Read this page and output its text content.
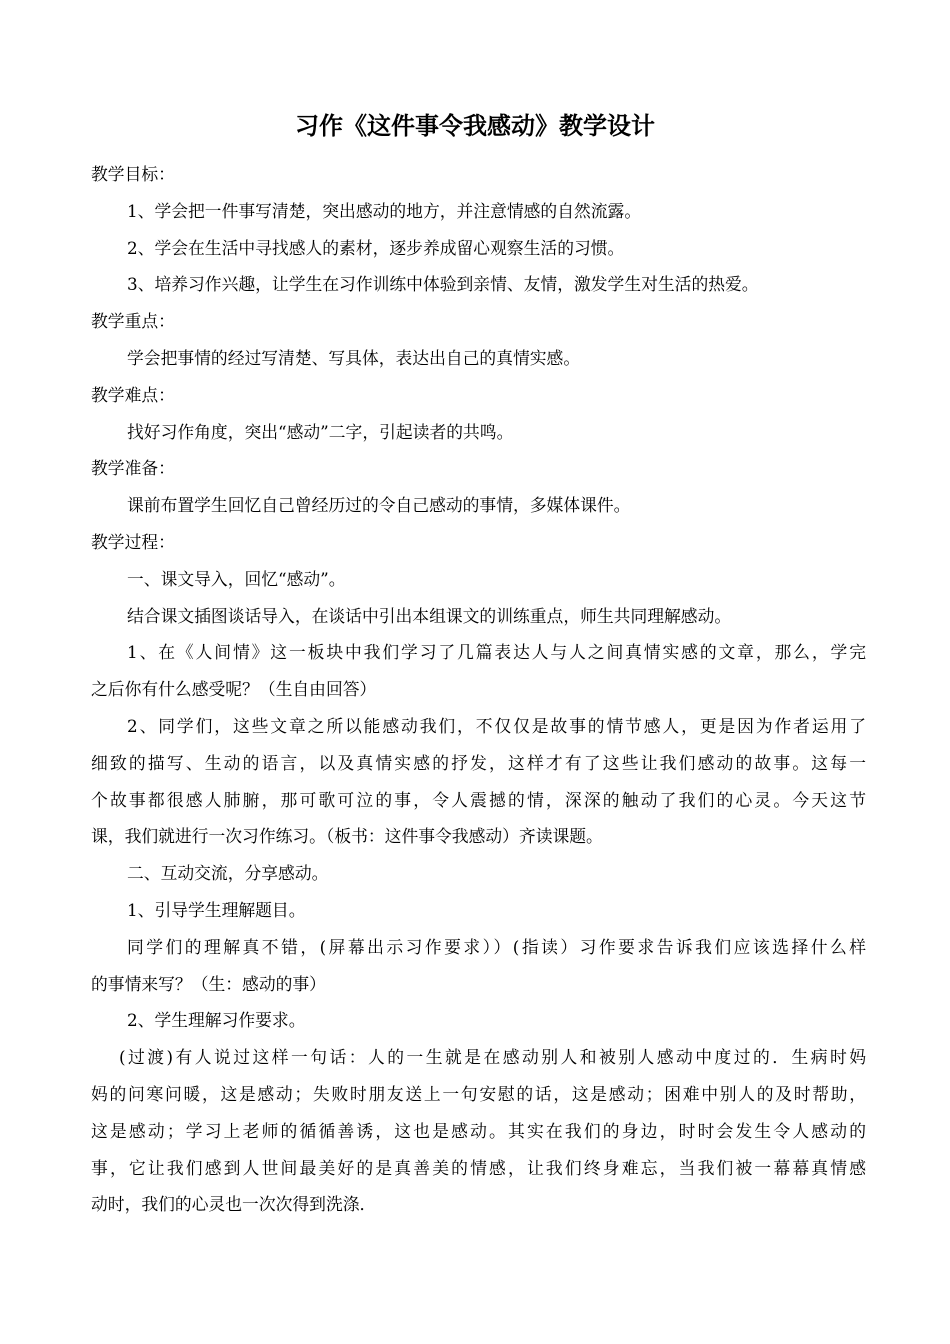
习作《这件事令我感动》教学设计
教学目标：
1、学会把一件事写清楚，突出感动的地方，并注意情感的自然流露。
2、学会在生活中寻找感人的素材，逐步养成留心观察生活的习惯。
3、培养习作兴趣，让学生在习作训练中体验到亲情、友情，激发学生对生活的热爱。
教学重点：
学会把事情的经过写清楚、写具体，表达出自己的真情实感。
教学难点：
找好习作角度，突出“感动”二字，引起读者的共鸣。
教学准备：
课前布置学生回忆自己曾经历过的令自己感动的事情，多媒体课件。
教学过程：
一、课文导入，回忆“感动”。
结合课文插图谈话导入，在谈话中引出本组课文的训练重点，师生共同理解感动。
1、在《人间情》这一板块中我们学习了几篇表达人与人之间真情实感的文章，那么，学完
之后你有什么感受呢？（生自由回答）
2、同学们，这些文章之所以能感动我们，不仅仅是故事的情节感人，更是因为作者运用了
细致的描写、生动的语言，以及真情实感的抒发，这样才有了这些让我们感动的故事。这每一
个故事都很感人肺腑，那可歌可泣的事，令人震撼的情，深深的触动了我们的心灵。今天这节
课，我们就进行一次习作练习。（板书：这件事令我感动）齐读课题。
二、互动交流，分享感动。
1、引导学生理解题目。
同学们的理解真不错，(屏幕出示习作要求））(指读）习作要求告诉我们应该选择什么样
的事情来写？（生：感动的事）
2、学生理解习作要求。
(过渡)有人说过这样一句话：人的一生就是在感动别人和被别人感动中度过的．生病时妈
妈的问寒问暖，这是感动；失败时朋友送上一句安慰的话，这是感动；困难中别人的及时帮助，
这是感动；学习上老师的循循善诱，这也是感动。其实在我们的身边，时时会发生令人感动的
事，它让我们感到人世间最美好的是真善美的情感，让我们终身难忘，当我们被一幕幕真情感
动时，我们的心灵也一次次得到洗涤．
